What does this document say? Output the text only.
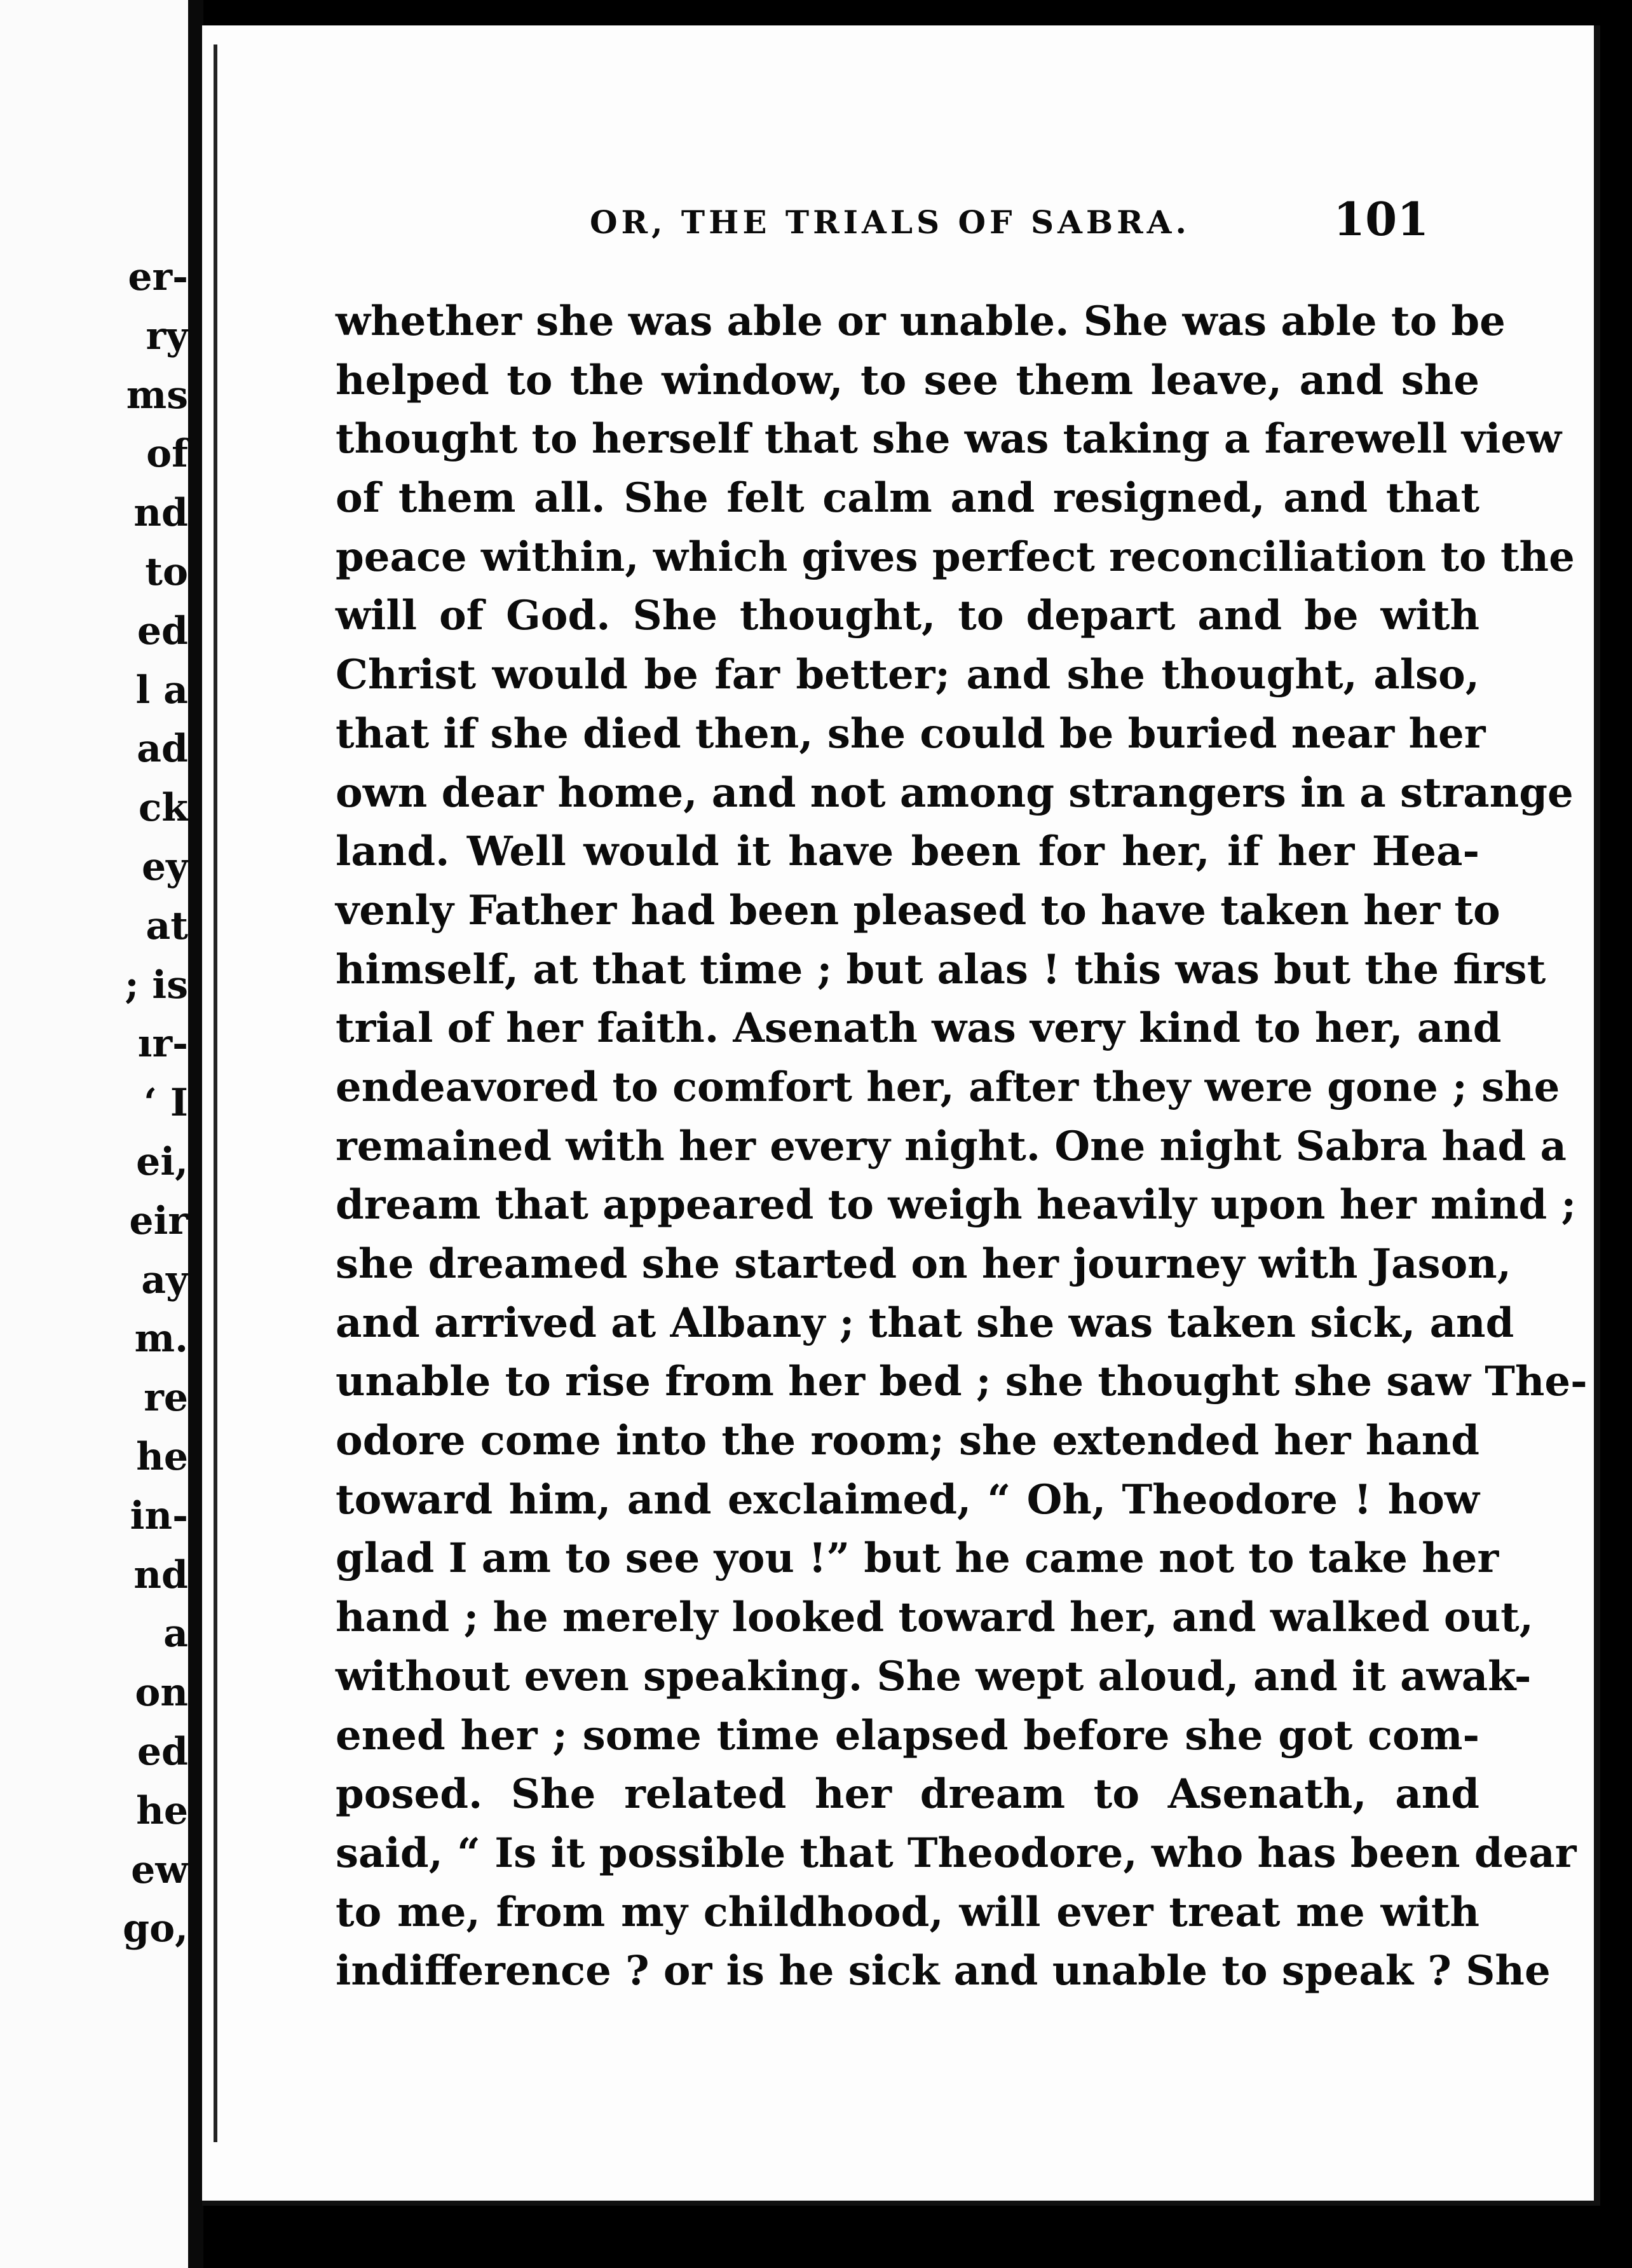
er-
ry
ms
of
nd
to
ed
l a
ad
ck
ey
at
; is
ır-
‘ I
ei,
eir
ay
m.
re
he
in-
nd
a
on
ed
he
ew
go,
OR, THE TRIALS OF SABRA.	101
whether she was able or unable. She was able to be
helped to the window, to see them leave, and she
thought to herself that she was taking a farewell view
of them all. She felt calm and resigned, and that
peace within, which gives perfect reconciliation to the
will of God. She thought, to depart and be with
Christ would be far better; and she thought, also,
that if she died then, she could be buried near her
own dear home, and not among strangers in a strange
land. Well would it have been for her, if her Hea-
venly Father had been pleased to have taken her to
himself, at that time ; but alas ! this was but the first
trial of her faith. Asenath was very kind to her, and
endeavored to comfort her, after they were gone ; she
remained with her every night. One night Sabra had a
dream that appeared to weigh heavily upon her mind ;
she dreamed she started on her journey with Jason,
and arrived at Albany ; that she was taken sick, and
unable to rise from her bed ; she thought she saw The-
odore come into the room; she extended her hand
toward him, and exclaimed, “ Oh, Theodore ! how
glad I am to see you !” but he came not to take her
hand ; he merely looked toward her, and walked out,
without even speaking. She wept aloud, and it awak-
ened her ; some time elapsed before she got com-
posed. She related her dream to Asenath, and
said, “ Is it possible that Theodore, who has been dear
to me, from my childhood, will ever treat me with
indifference ? or is he sick and unable to speak ? She
